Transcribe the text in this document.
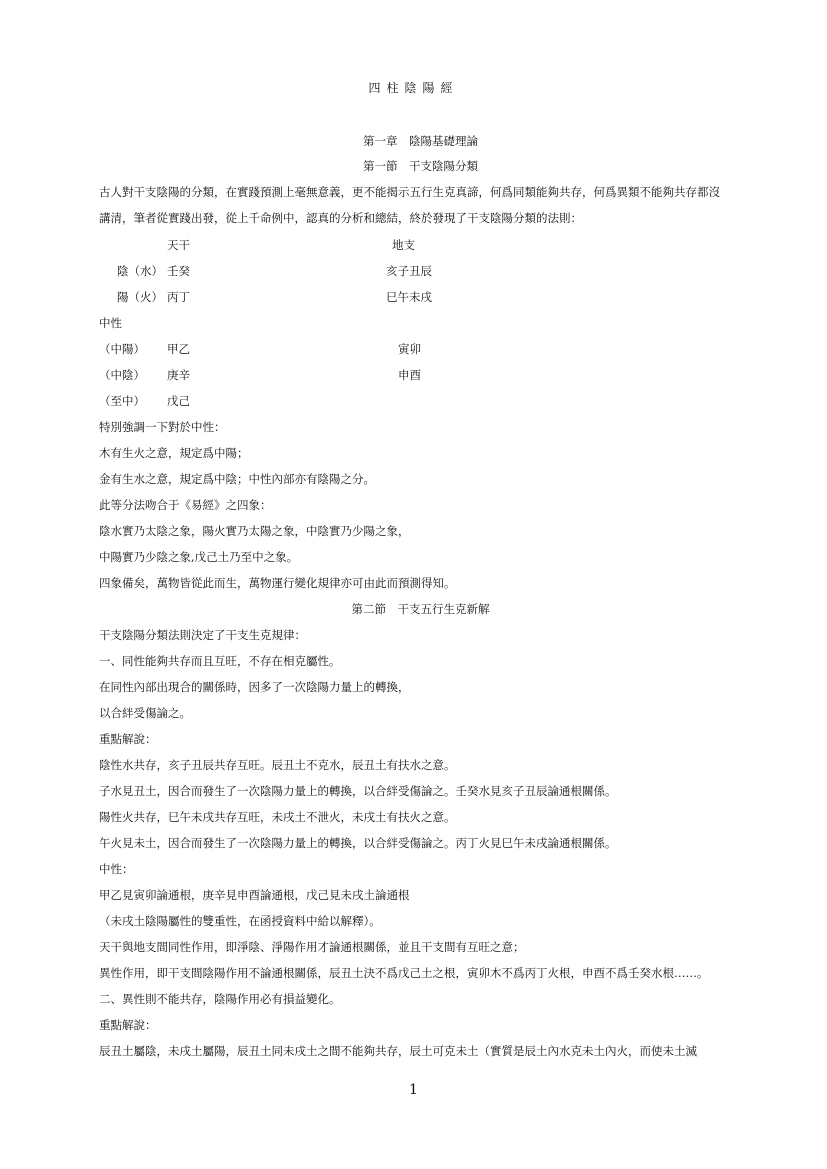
四柱陰陽經
第一章　陰陽基礎理論
第一節　干支陰陽分類
古人對干支陰陽的分類，在實踐預測上毫無意義，更不能揭示五行生克真諦，何爲同類能夠共存，何爲異類不能夠共存都沒
講清，筆者從實踐出發，從上千命例中，認真的分析和總結，終於發現了干支陰陽分類的法則：
天干	地支
陰（水） 壬癸	亥子丑辰
陽（火） 丙丁	巳午未戌
中性
（中陽） 甲乙	寅卯
（中陰） 庚辛	申酉
（至中） 戊己
特別強調一下對於中性：
木有生火之意，規定爲中陽；
金有生水之意，規定爲中陰；中性內部亦有陰陽之分。
此等分法吻合于《易經》之四象：
陰水實乃太陰之象，陽火實乃太陽之象，中陰實乃少陽之象，
中陽實乃少陰之象,戊己土乃至中之象。
四象備矣，萬物皆從此而生，萬物運行變化規律亦可由此而預測得知。
第二節　干支五行生克新解
干支陰陽分類法則決定了干支生克規律：
一、同性能夠共存而且互旺，不存在相克屬性。
在同性內部出現合的關係時，因多了一次陰陽力量上的轉換，
以合絆受傷論之。
重點解說：
陰性水共存，亥子丑辰共存互旺。辰丑土不克水，辰丑土有扶水之意。
子水見丑土，因合而發生了一次陰陽力量上的轉換，以合絆受傷論之。壬癸水見亥子丑辰論通根關係。
陽性火共存，巳午未戌共存互旺，未戌土不泄火，未戌土有扶火之意。
午火見未土，因合而發生了一次陰陽力量上的轉換，以合絆受傷論之。丙丁火見巳午未戌論通根關係。
中性：
甲乙見寅卯論通根，庚辛見申酉論通根，戊己見未戌土論通根
（未戌土陰陽屬性的雙重性，在函授資料中給以解釋）。
天干與地支間同性作用，即淨陰、淨陽作用才論通根關係，並且干支間有互旺之意；
異性作用，即干支間陰陽作用不論通根關係，辰丑土決不爲戊己土之根，寅卯木不爲丙丁火根，申酉不爲壬癸水根……。
二、異性則不能共存，陰陽作用必有損益變化。
重點解說：
辰丑土屬陰，未戌土屬陽，辰丑土同未戌土之間不能夠共存，辰土可克未土（實質是辰土內水克未土內火，而使未土滅
1
